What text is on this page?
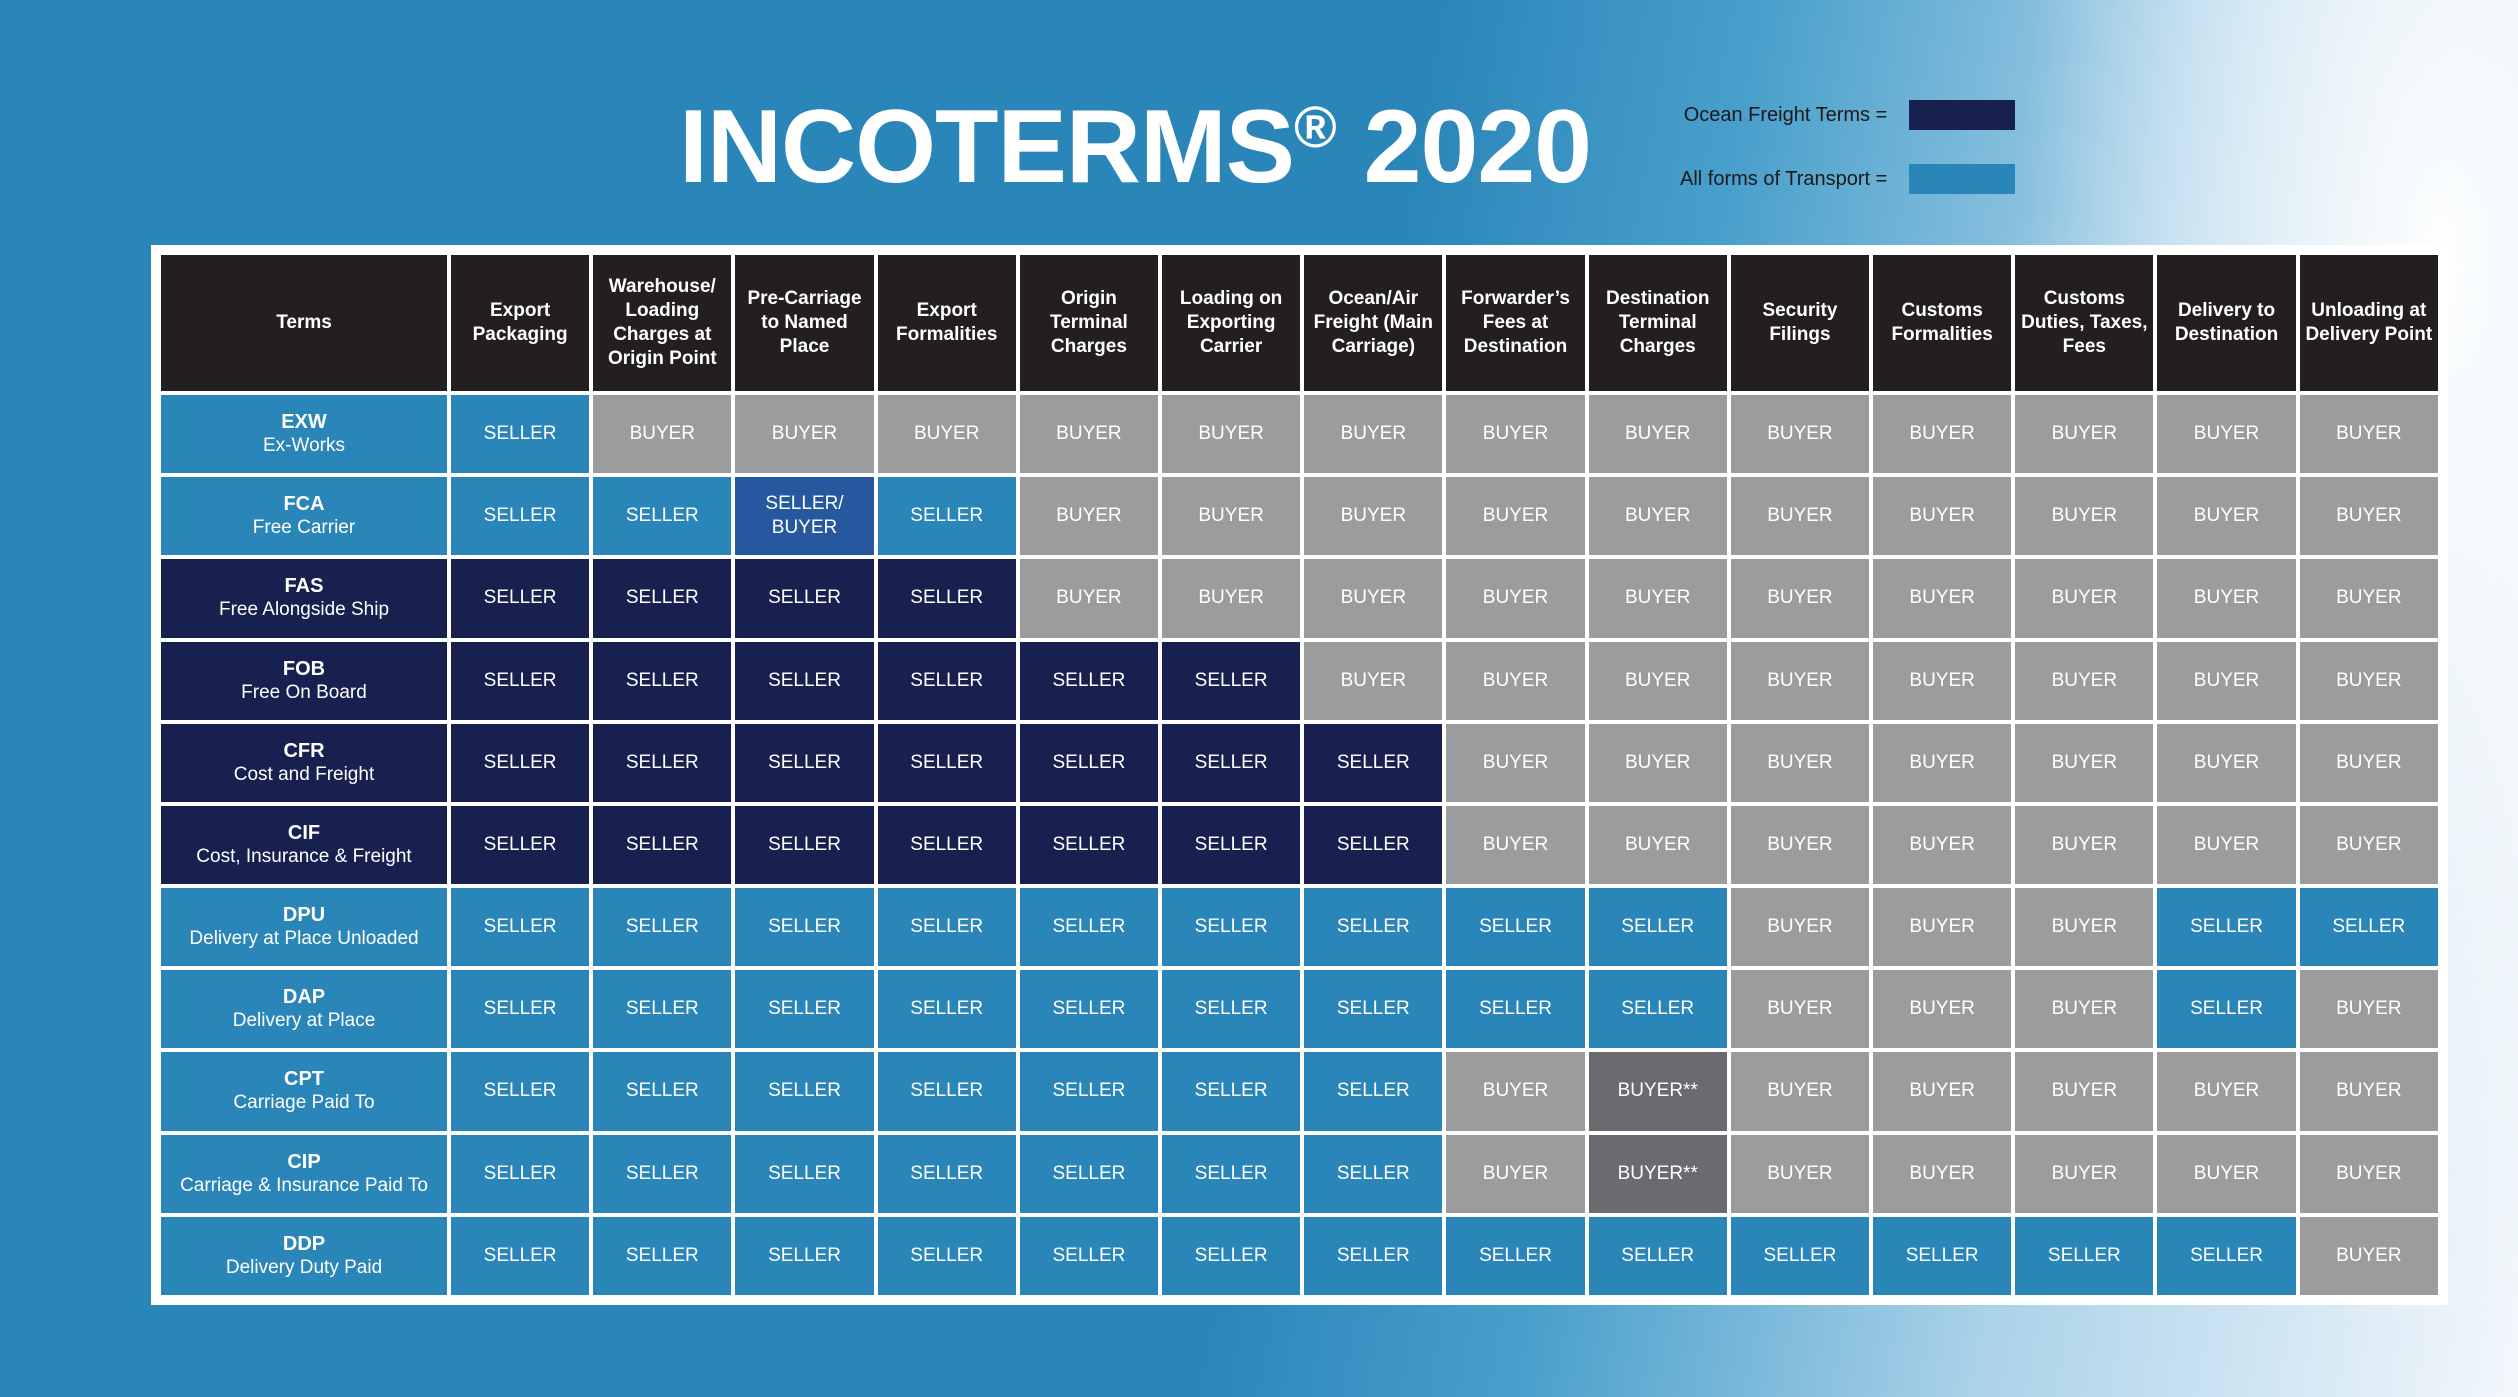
INCOTERMS® 2020	Ocean Freight Terms =
All forms of Transport =
Terms	Export Packaging	Warehouse/ Loading Charges at Origin Point	Pre-Carriage to Named Place	Export Formalities	Origin Terminal Charges	Loading on Exporting Carrier	Ocean/Air Freight (Main Carriage)	Forwarder’s Fees at Destination	Destination Terminal Charges	Security Filings	Customs Formalities	Customs Duties, Taxes, Fees	Delivery to Destination	Unloading at Delivery Point

EXW
Ex-Works	SELLER	BUYER	BUYER	BUYER	BUYER	BUYER	BUYER	BUYER	BUYER	BUYER	BUYER	BUYER	BUYER	BUYER

FCA
Free Carrier	SELLER	SELLER	SELLER/ BUYER	SELLER	BUYER	BUYER	BUYER	BUYER	BUYER	BUYER	BUYER	BUYER	BUYER	BUYER

FAS
Free Alongside Ship	SELLER	SELLER	SELLER	SELLER	BUYER	BUYER	BUYER	BUYER	BUYER	BUYER	BUYER	BUYER	BUYER	BUYER

FOB
Free On Board	SELLER	SELLER	SELLER	SELLER	SELLER	SELLER	BUYER	BUYER	BUYER	BUYER	BUYER	BUYER	BUYER	BUYER

CFR
Cost and Freight	SELLER	SELLER	SELLER	SELLER	SELLER	SELLER	SELLER	BUYER	BUYER	BUYER	BUYER	BUYER	BUYER	BUYER

CIF
Cost, Insurance & Freight	SELLER	SELLER	SELLER	SELLER	SELLER	SELLER	SELLER	BUYER	BUYER	BUYER	BUYER	BUYER	BUYER	BUYER

DPU
Delivery at Place Unloaded	SELLER	SELLER	SELLER	SELLER	SELLER	SELLER	SELLER	SELLER	SELLER	BUYER	BUYER	BUYER	SELLER	SELLER

DAP
Delivery at Place	SELLER	SELLER	SELLER	SELLER	SELLER	SELLER	SELLER	SELLER	SELLER	BUYER	BUYER	BUYER	SELLER	BUYER

CPT
Carriage Paid To	SELLER	SELLER	SELLER	SELLER	SELLER	SELLER	SELLER	BUYER	BUYER**	BUYER	BUYER	BUYER	BUYER	BUYER

CIP
Carriage & Insurance Paid To	SELLER	SELLER	SELLER	SELLER	SELLER	SELLER	SELLER	BUYER	BUYER**	BUYER	BUYER	BUYER	BUYER	BUYER

DDP
Delivery Duty Paid	SELLER	SELLER	SELLER	SELLER	SELLER	SELLER	SELLER	SELLER	SELLER	SELLER	SELLER	SELLER	SELLER	BUYER
